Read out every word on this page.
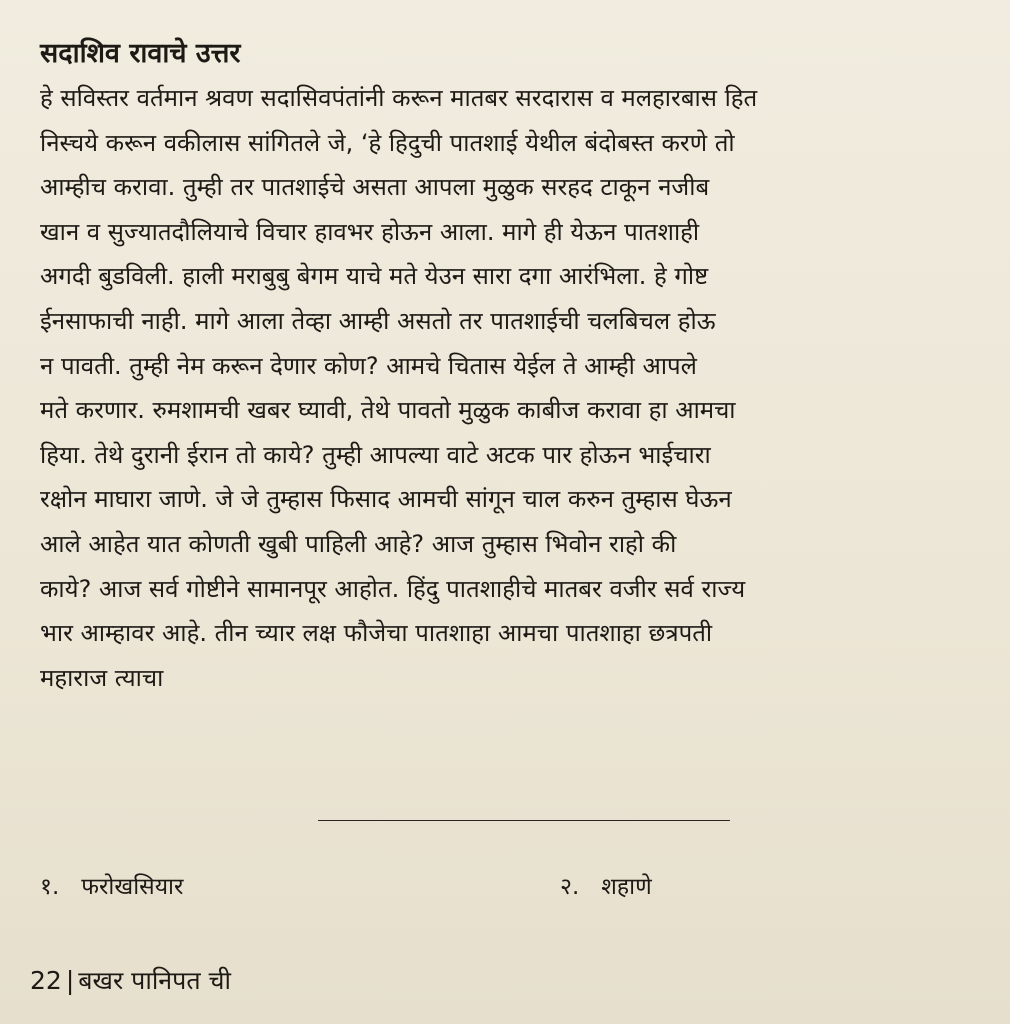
सदाशिव रावाचे उत्तर
हे सविस्तर वर्तमान श्रवण सदासिवपंतांनी करून मातबर सरदारास व मलहारबास हित
निस्चये करून वकीलास सांगितले जे, ‘हे हिदुची पातशाई येथील बंदोबस्त करणे तो
आम्हीच करावा. तुम्ही तर पातशाईचे असता आपला मुळुक सरहद टाकून नजीब
खान व सुज्यातदौलियाचे विचार हावभर होऊन आला. मागे ही येऊन पातशाही
अगदी बुडविली. हाली मराबुबु बेगम याचे मते येउन सारा दगा आरंभिला. हे गोष्ट
ईनसाफाची नाही. मागे आला तेव्हा आम्ही असतो तर पातशाईची चलबिचल होऊ
न पावती. तुम्ही नेम करून देणार कोण? आमचे चितास येईल ते आम्ही आपले
मते करणार. रुमशामची खबर घ्यावी, तेथे पावतो मुळुक काबीज करावा हा आमचा
हिया. तेथे दुरानी ईरान तो काये? तुम्ही आपल्या वाटे अटक पार होऊन भाईचारा
रक्षोन माघारा जाणे. जे जे तुम्हास फिसाद आमची सांगून चाल करुन तुम्हास घेऊन
आले आहेत यात कोणती खुबी पाहिली आहे? आज तुम्हास भिवोन राहो की
काये? आज सर्व गोष्टीने सामानपूर आहोत. हिंदु पातशाहीचे मातबर वजीर सर्व राज्य
भार आम्हावर आहे. तीन च्यार लक्ष फौजेचा पातशाहा आमचा पातशाहा छत्रपती
महाराज त्याचा
१. फरोखसियार	२. शहाणे
22 | बखर पानिपत ची
